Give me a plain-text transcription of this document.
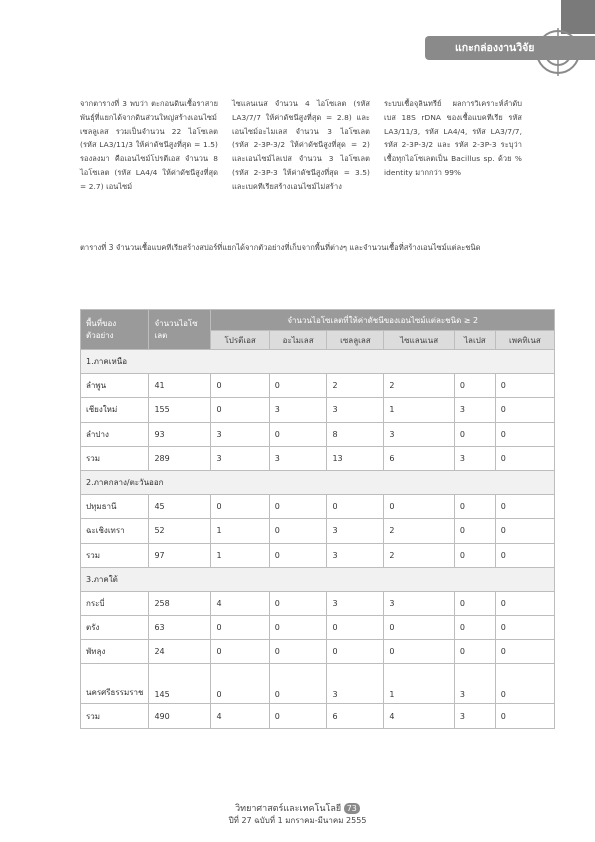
แกะกล่องงานวิจัย

จากตารางที่ 3 พบว่า ตะกอนดินเชื้อราสายพันธุ์ที่แยกได้จากดินส่วนใหญ่สร้างเอนไซม์เซลลูเลส รวมเป็นจำนวน 22 ไอโซเลต (รหัส LA3/11/3 ให้ค่าดัชนีสูงที่สุด = 1.5) รองลงมา คือเอนไซม์โปรตีเอส จำนวน 8 ไอโซเลต (รหัส LA4/4 ให้ค่าดัชนีสูงที่สุด = 2.7) เอนไซม์

ไซแลนเนส จำนวน 4 ไอโซเลต (รหัส LA3/7/7 ให้ค่าดัชนีสูงที่สุด = 2.8) และเอนไซม์อะไมเลส จำนวน 3 ไอโซเลต (รหัส 2-3P-3/2 ให้ค่าดัชนีสูงที่สุด = 2) และเอนไซม์ไลเปส จำนวน 3 ไอโซเลต (รหัส 2-3P-3 ให้ค่าดัชนีสูงที่สุด = 3.5) และเบคทีเรียสร้างเอนไซม์ไม่สร้าง

ระบบเชื้อจุลินทรีย์ ผลการวิเคราะห์ลำดับเบส 18S rDNA ของเชื้อแบคทีเรีย รหัส LA3/11/3, รหัส LA4/4, รหัส LA3/7/7, รหัส 2-3P-3/2 และ รหัส 2-3P-3 ระบุว่าเชื้อทุกไอโซเลตเป็น Bacillus sp. ด้วย % identity มากกว่า 99%

ตารางที่ 3 จำนวนเชื้อแบคทีเรียสร้างสปอร์ที่แยกได้จากตัวอย่างที่เก็บจากพื้นที่ต่างๆ และจำนวนเชื้อที่สร้างเอนไซม์แต่ละชนิด

พื้นที่ของตัวอย่าง	จำนวนไอโซเลต	จำนวนไอโซเลตที่ให้ค่าดัชนีของเอนไซม์แต่ละชนิด ≥ 2					
		โปรตีเอส	อะไมเลส	เซลลูเลส	ไซแลนเนส	ไลเปส	เพคทิเนส
1.ภาคเหนือ							
ลำพูน	41	0	0	2	2	0	0
เชียงใหม่	155	0	3	3	1	3	0
ลำปาง	93	3	0	8	3	0	0
รวม	289	3	3	13	6	3	0
2.ภาคกลาง/ตะวันออก							
ปทุมธานี	45	0	0	0	0	0	0
ฉะเชิงเทรา	52	1	0	3	2	0	0
รวม	97	1	0	3	2	0	0
3.ภาคใต้							
กระบี่	258	4	0	3	3	0	0
ตรัง	63	0	0	0	0	0	0
พัทลุง	24	0	0	0	0	0	0
นครศรีธรรมราช	145	0	0	3	1	3	0
รวม	490	4	0	6	4	3	0
วิทยาศาสตร์และเทคโนโลยี 73
ปีที่ 27 ฉบับที่ 1 มกราคม-มีนาคม 2555
